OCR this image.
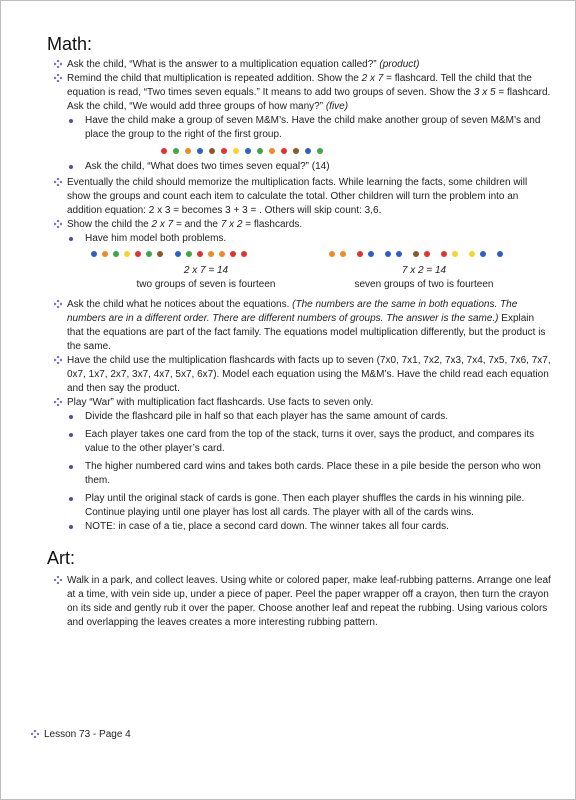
Math:
Ask the child, “What is the answer to a multiplication equation called?” (product)
Remind the child that multiplication is repeated addition. Show the 2 x 7 = flashcard. Tell the child that the equation is read, “Two times seven equals.” It means to add two groups of seven. Show the 3 x 5 = flashcard. Ask the child, “We would add three groups of how many?” (five)
Have the child make a group of seven M&M’s. Have the child make another group of seven M&M’s and place the group to the right of the first group.
Ask the child, “What does two times seven equal?” (14)
Eventually the child should memorize the multiplication facts. While learning the facts, some children will show the groups and count each item to calculate the total. Other children will turn the problem into an addition equation: 2 x 3 = becomes 3 + 3 = . Others will skip count: 3,6.
Show the child the 2 x 7 = and the 7 x 2 = flashcards.
Have him model both problems.
2 x 7 = 14
two groups of seven is fourteen
7 x 2 = 14
seven groups of two is fourteen
Ask the child what he notices about the equations. (The numbers are the same in both equations. The numbers are in a different order. There are different numbers of groups. The answer is the same.) Explain that the equations are part of the fact family. The equations model multiplication differently, but the product is the same.
Have the child use the multiplication flashcards with facts up to seven (7x0, 7x1, 7x2, 7x3, 7x4, 7x5, 7x6, 7x7, 0x7, 1x7, 2x7, 3x7, 4x7, 5x7, 6x7). Model each equation using the M&M’s. Have the child read each equation and then say the product.
Play “War” with multiplication fact flashcards. Use facts to seven only.
Divide the flashcard pile in half so that each player has the same amount of cards.
Each player takes one card from the top of the stack, turns it over, says the product, and compares its value to the other player’s card.
The higher numbered card wins and takes both cards. Place these in a pile beside the person who won them.
Play until the original stack of cards is gone. Then each player shuffles the cards in his winning pile. Continue playing until one player has lost all cards. The player with all of the cards wins.
NOTE: in case of a tie, place a second card down. The winner takes all four cards.
Art:
Walk in a park, and collect leaves. Using white or colored paper, make leaf-rubbing patterns. Arrange one leaf at a time, with vein side up, under a piece of paper. Peel the paper wrapper off a crayon, then turn the crayon on its side and gently rub it over the paper. Choose another leaf and repeat the rubbing. Using various colors and overlapping the leaves creates a more interesting rubbing pattern.
Lesson 73 - Page 4
